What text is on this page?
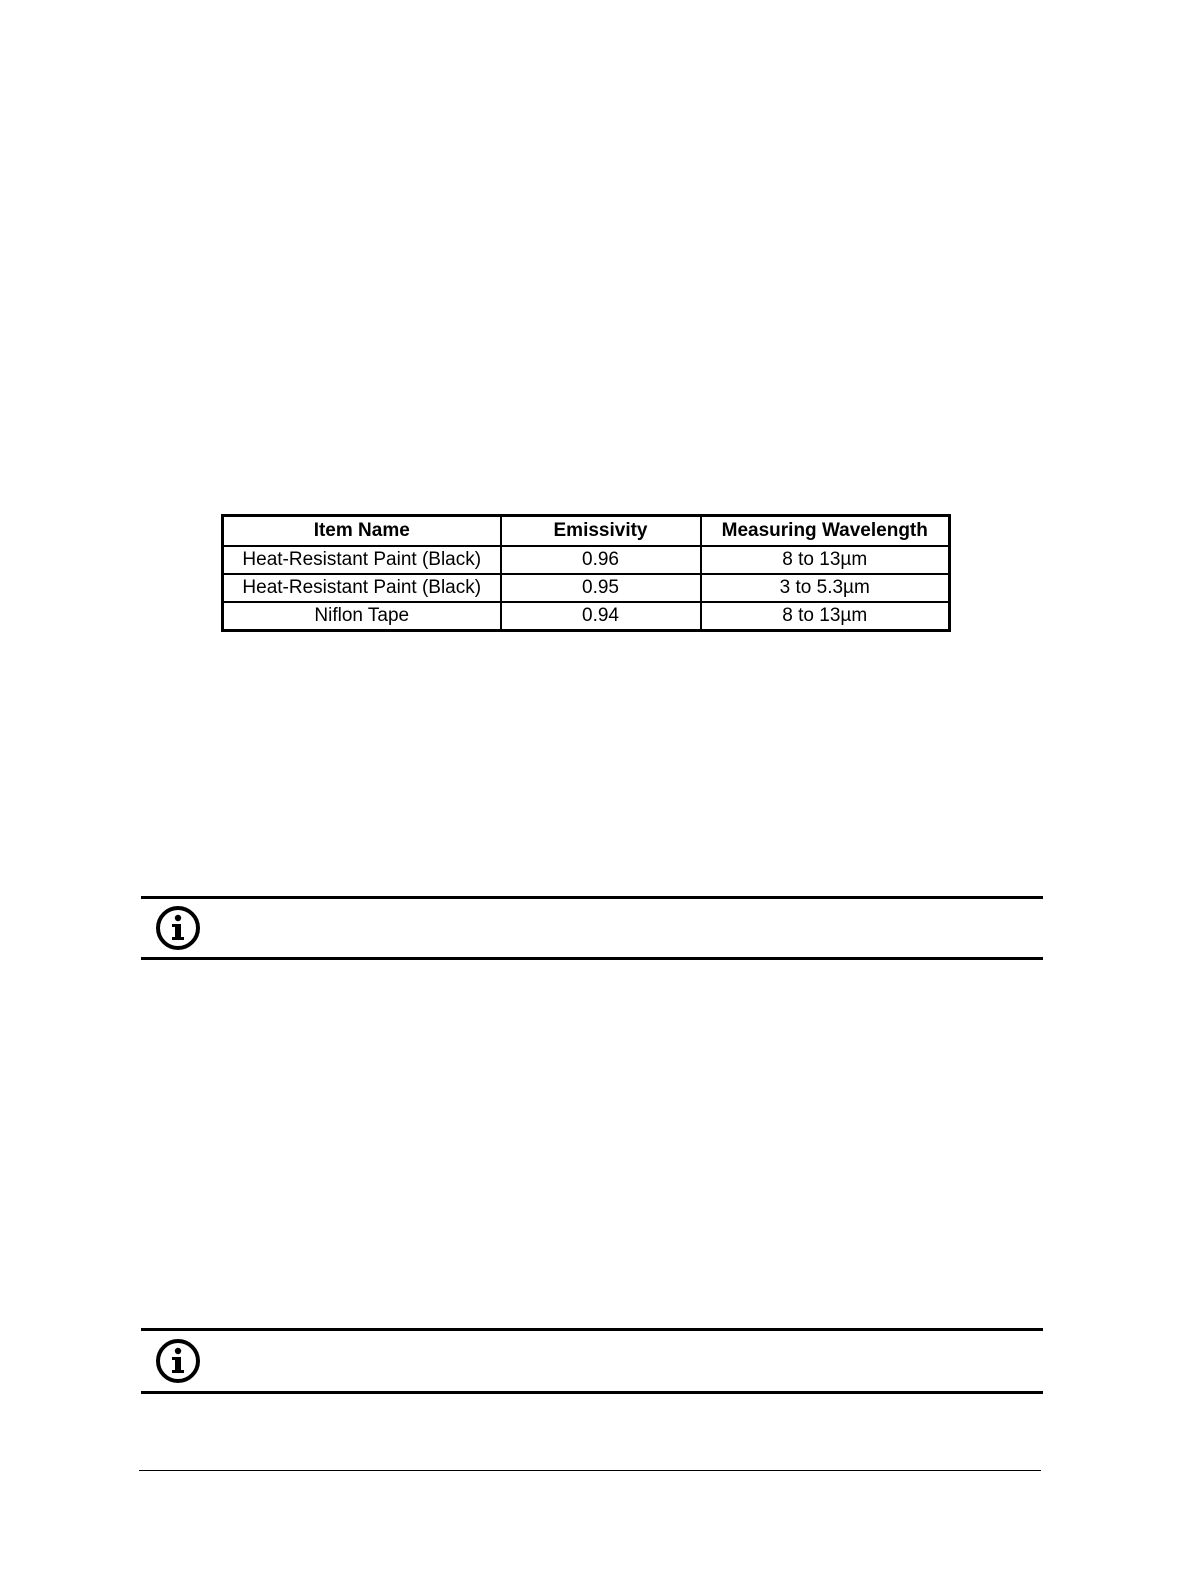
Item Name	Emissivity	Measuring Wavelength
Heat-Resistant Paint (Black)	0.96	8 to 13µm
Heat-Resistant Paint (Black)	0.95	3 to 5.3µm
Niflon Tape	0.94	8 to 13µm
